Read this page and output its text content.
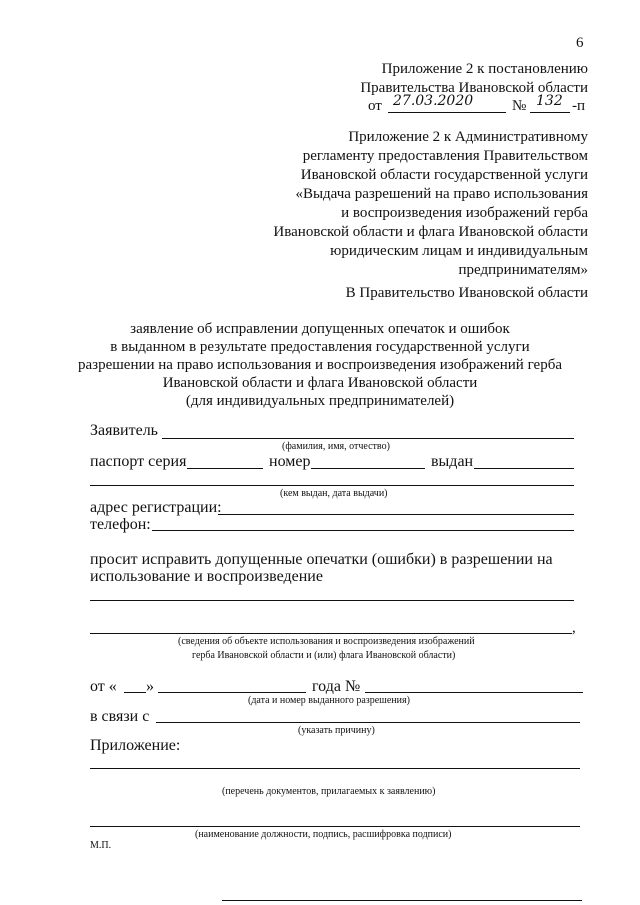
6
Приложение 2 к постановлению
Правительства Ивановской области
от 27.03.2020	№ 132 -п
Приложение 2 к Административному
регламенту предоставления Правительством
Ивановской области государственной услуги
«Выдача разрешений на право использования
и воспроизведения изображений герба
Ивановской области и флага Ивановской области
юридическим лицам и индивидуальным
предпринимателям»
В Правительство Ивановской области
заявление об исправлении допущенных опечаток и ошибок
в выданном в результате предоставления государственной услуги
разрешении на право использования и воспроизведения изображений герба
Ивановской области и флага Ивановской области
(для индивидуальных предпринимателей)
Заявитель
(фамилия, имя, отчество)
паспорт серия	номер	выдан
(кем выдан, дата выдачи)
адрес регистрации:
телефон:
просит исправить допущенные опечатки (ошибки) в разрешении на
использование и воспроизведение
,
(сведения об объекте использования и воспроизведения изображений
герба Ивановской области и (или) флага Ивановской области)
от « »	года №
(дата и номер выданного разрешения)
в связи с
(указать причину)
Приложение:
(перечень документов, прилагаемых к заявлению)
(наименование должности, подпись, расшифровка подписи)
М.П.
